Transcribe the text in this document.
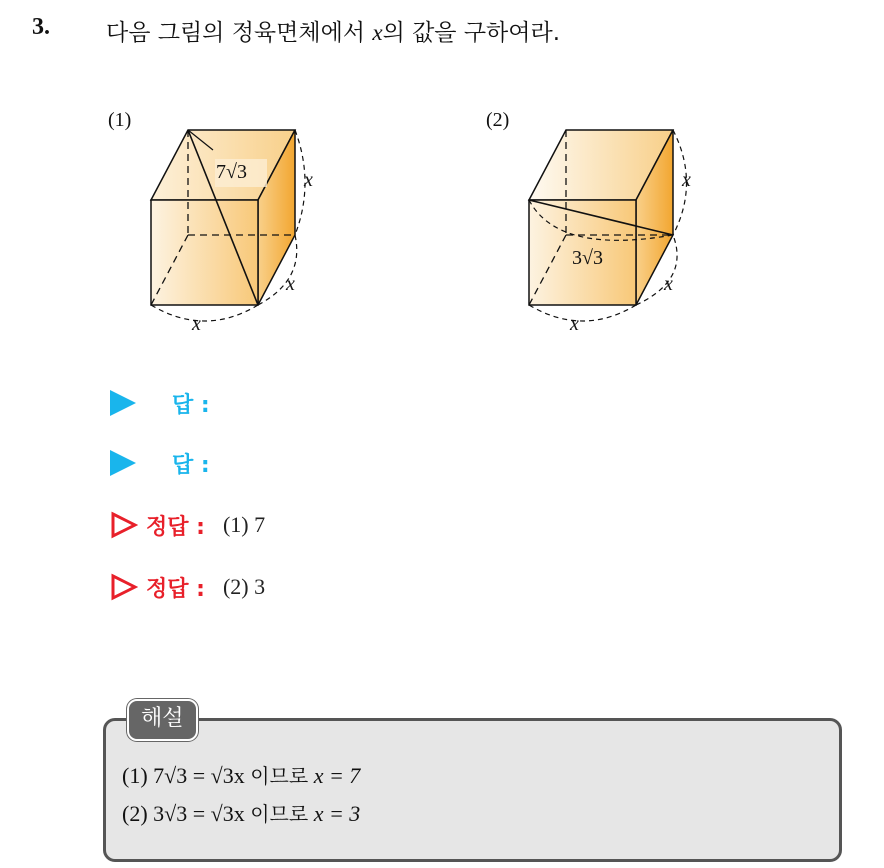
3. 다음 그림의 정육면체에서 x의 값을 구하여라.
(1)
7√3	x
x
x
(2)
3√3
x
x
x
답 :
답 :
정답 : (1) 7
정답 : (2) 3
해설
(1) 7√3 = √3x 이므로 x = 7
(2) 3√3 = √3x 이므로 x = 3
